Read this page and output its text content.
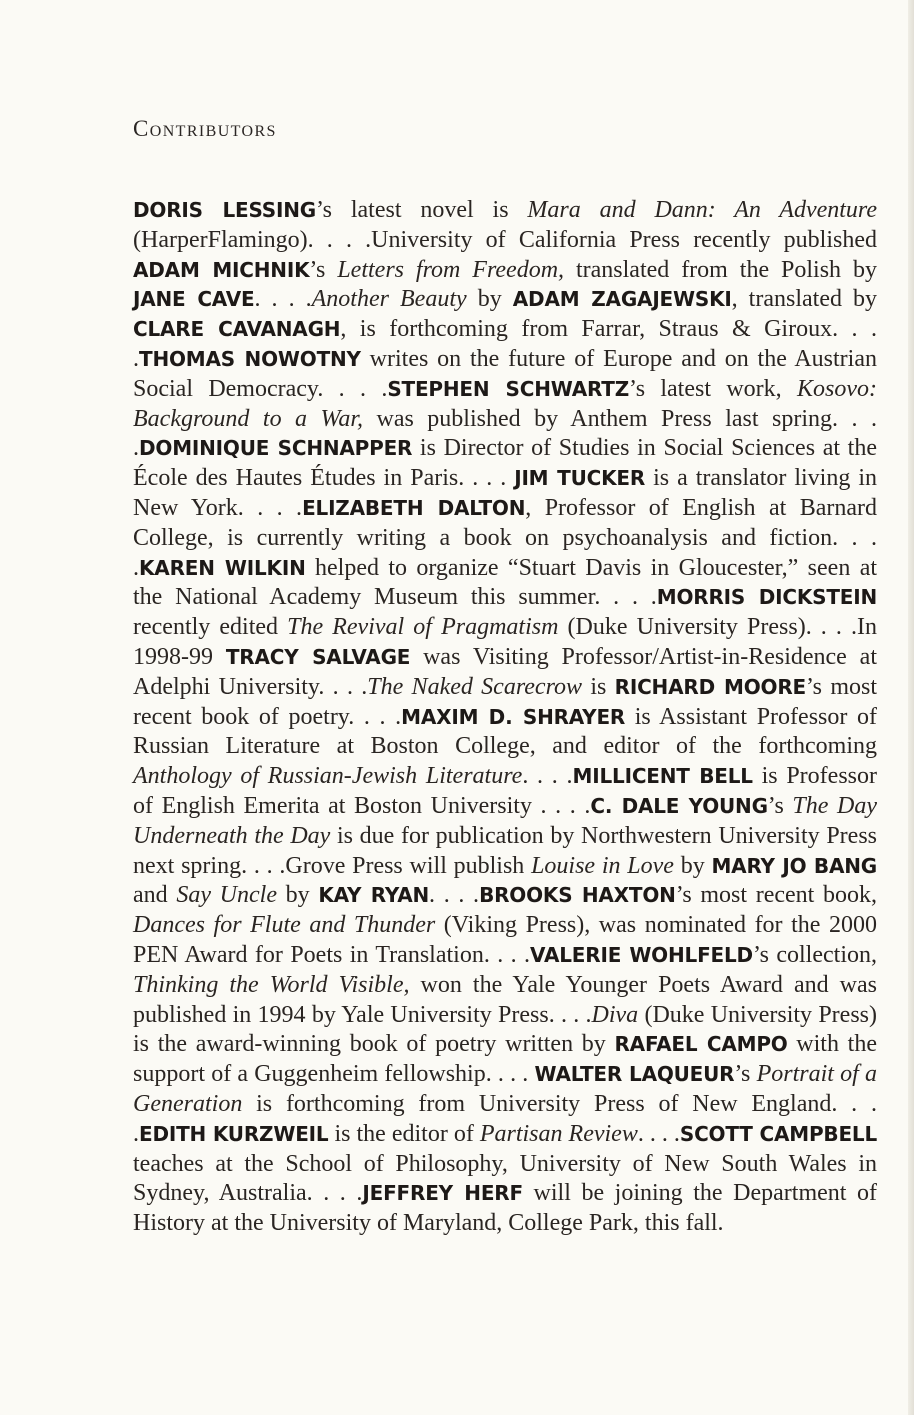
Contributors

DORIS LESSING’s latest novel is Mara and Dann: An Adventure (HarperFlamingo). . . .University of California Press recently published ADAM MICHNIK’s Letters from Freedom, translated from the Polish by JANE CAVE. . . .Another Beauty by ADAM ZAGAJEWSKI, translated by CLARE CAVANAGH, is forthcoming from Farrar, Straus & Giroux. . . .THOMAS NOWOTNY writes on the future of Europe and on the Austrian Social Democracy. . . .STEPHEN SCHWARTZ’s latest work, Kosovo: Background to a War, was published by Anthem Press last spring. . . .DOMINIQUE SCHNAPPER is Director of Studies in Social Sciences at the École des Hautes Études in Paris. . . . JIM TUCKER is a translator living in New York. . . .ELIZABETH DALTON, Professor of English at Barnard College, is currently writing a book on psychoanalysis and fiction. . . .KAREN WILKIN helped to organize “Stuart Davis in Gloucester,” seen at the National Academy Museum this summer. . . .MORRIS DICKSTEIN recently edited The Revival of Pragmatism (Duke University Press). . . .In 1998-99 TRACY SALVAGE was Visiting Professor/Artist-in-Residence at Adelphi University. . . .The Naked Scarecrow is RICHARD MOORE’s most recent book of poetry. . . .MAXIM D. SHRAYER is Assistant Professor of Russian Literature at Boston College, and editor of the forthcoming Anthology of Russian-Jewish Literature. . . .MILLICENT BELL is Professor of English Emerita at Boston University . . . .C. DALE YOUNG’s The Day Underneath the Day is due for publication by Northwestern University Press next spring. . . .Grove Press will publish Louise in Love by MARY JO BANG and Say Uncle by KAY RYAN. . . .BROOKS HAXTON’s most recent book, Dances for Flute and Thunder (Viking Press), was nominated for the 2000 PEN Award for Poets in Translation. . . .VALERIE WOHLFELD’s collection, Thinking the World Visible, won the Yale Younger Poets Award and was published in 1994 by Yale University Press. . . .Diva (Duke University Press) is the award-winning book of poetry written by RAFAEL CAMPO with the support of a Guggenheim fellowship. . . . WALTER LAQUEUR’s Portrait of a Generation is forthcoming from University Press of New England. . . .EDITH KURZWEIL is the editor of Partisan Review. . . .SCOTT CAMPBELL teaches at the School of Philosophy, University of New South Wales in Sydney, Australia. . . .JEFFREY HERF will be joining the Department of History at the University of Maryland, College Park, this fall.
